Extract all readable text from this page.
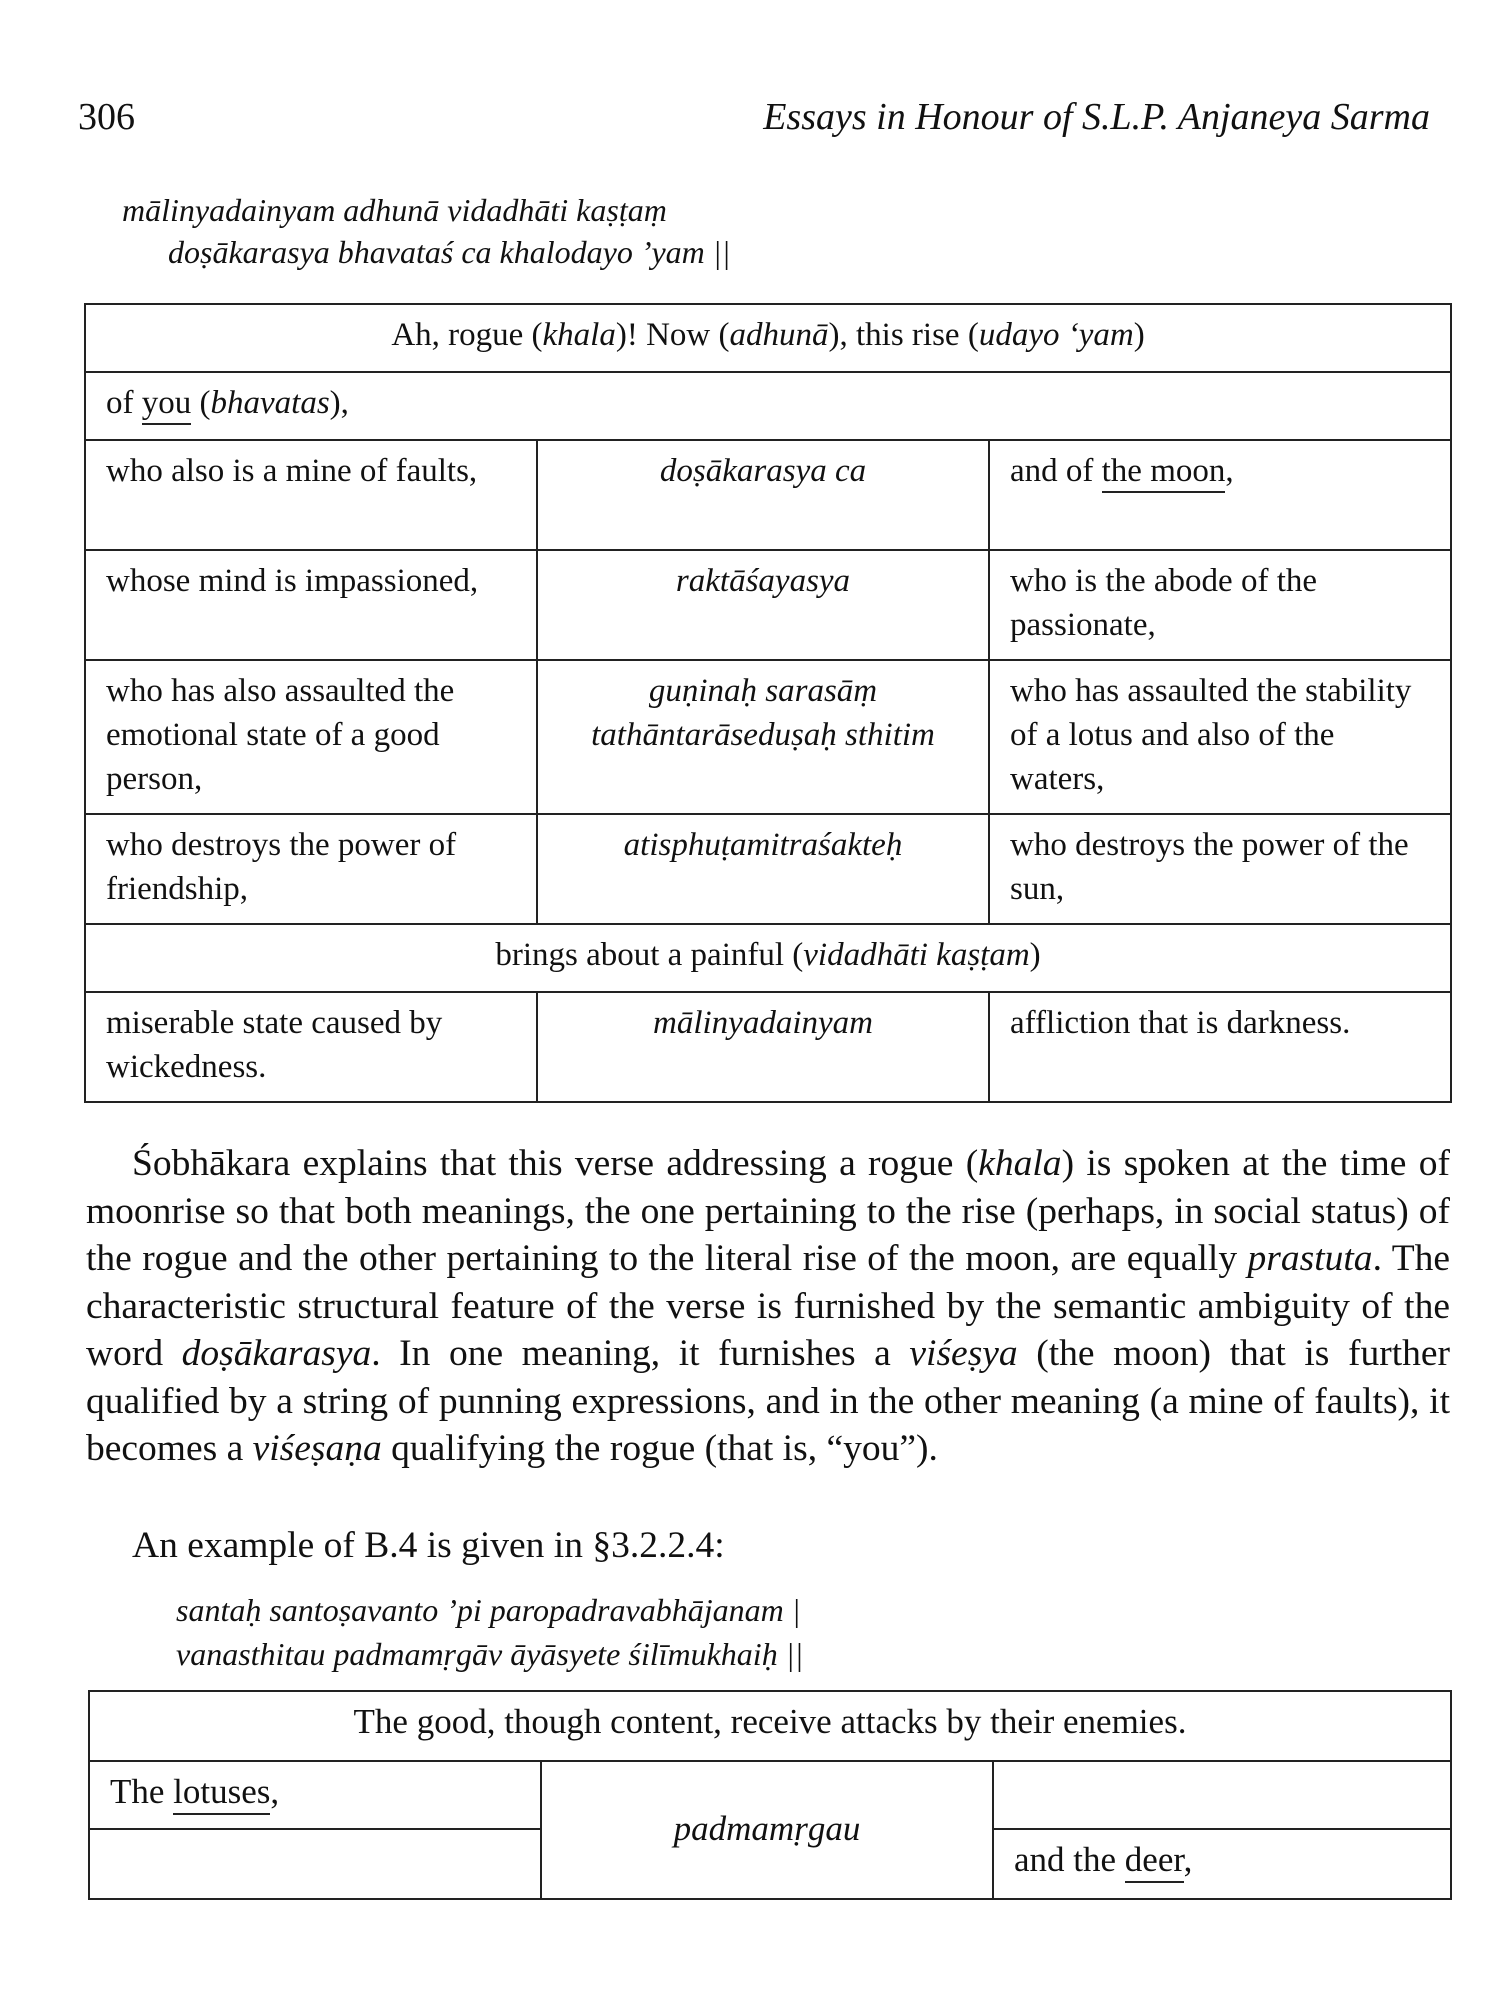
306	Essays in Honour of S.L.P. Anjaneya Sarma
mālinyadainyam adhunā vidadhāti kaṣṭaṃ
doṣākarasya bhavataś ca khalodayo ’yam ||
Ah, rogue (khala)! Now (adhunā), this rise (udayo ‘yam)		
of you (bhavatas),		
who also is a mine of faults,	doṣākarasya ca	and of the moon,
whose mind is impassioned,	raktāśayasya	who is the abode of the passionate,
who has also assaulted the emotional state of a good person,	guṇinaḥ sarasāṃ tathāntarāseduṣaḥ sthitim	who has assaulted the stability of a lotus and also of the waters,
who destroys the power of friendship,	atisphuṭamitraśakteḥ	who destroys the power of the sun,
brings about a painful (vidadhāti kaṣṭam)		
miserable state caused by wickedness.	mālinyadainyam	affliction that is darkness.
Śobhākara explains that this verse addressing a rogue (khala) is spoken at the time of moonrise so that both meanings, the one pertaining to the rise (perhaps, in social status) of the rogue and the other pertaining to the literal rise of the moon, are equally prastuta. The characteristic structural feature of the verse is furnished by the semantic ambiguity of the word doṣākarasya. In one meaning, it furnishes a viśeṣya (the moon) that is further qualified by a string of punning expressions, and in the other meaning (a mine of faults), it becomes a viśeṣaṇa qualifying the rogue (that is, “you”).
An example of B.4 is given in §3.2.2.4:
santaḥ santoṣavanto ’pi paropadravabhājanam |
vanasthitau padmamṛgāv āyāsyete śilīmukhaiḥ ||
The good, though content, receive attacks by their enemies.		
The lotuses,	padmamṛgau	
		and the deer,
